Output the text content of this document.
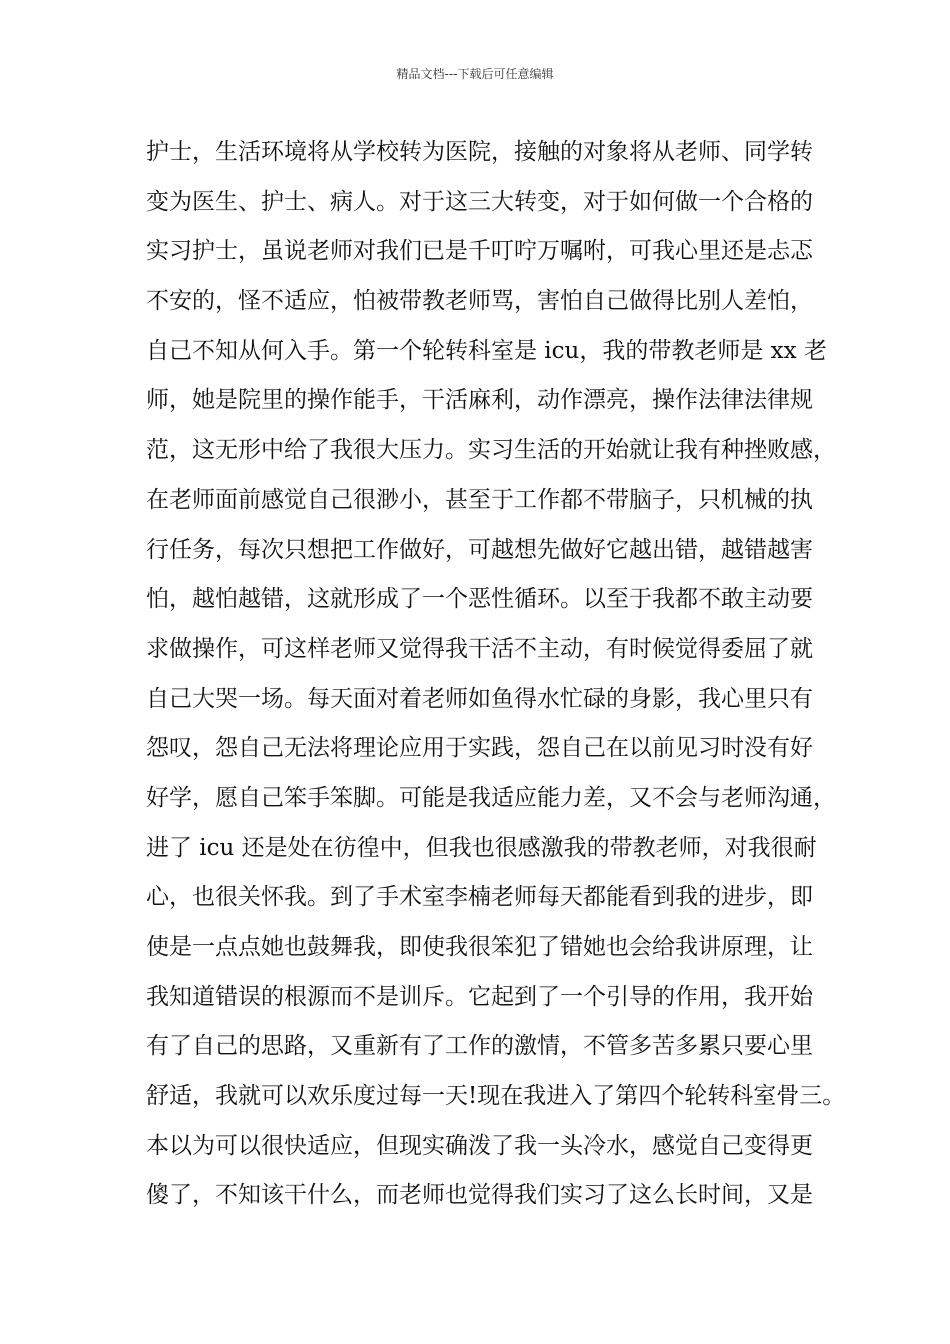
精品文档---下载后可任意编辑
护士，生活环境将从学校转为医院，接触的对象将从老师、同学转
变为医生、护士、病人。对于这三大转变，对于如何做一个合格的
实习护士，虽说老师对我们已是千叮咛万嘱咐，可我心里还是忐忑
不安的，怪不适应，怕被带教老师骂，害怕自己做得比别人差怕，
自己不知从何入手。第一个轮转科室是 icu，我的带教老师是 xx 老
师，她是院里的操作能手，干活麻利，动作漂亮，操作法律法律规
范，这无形中给了我很大压力。实习生活的开始就让我有种挫败感，
在老师面前感觉自己很渺小，甚至于工作都不带脑子，只机械的执
行任务，每次只想把工作做好，可越想先做好它越出错，越错越害
怕，越怕越错，这就形成了一个恶性循环。以至于我都不敢主动要
求做操作，可这样老师又觉得我干活不主动，有时候觉得委屈了就
自己大哭一场。每天面对着老师如鱼得水忙碌的身影，我心里只有
怨叹，怨自己无法将理论应用于实践，怨自己在以前见习时没有好
好学，愿自己笨手笨脚。可能是我适应能力差，又不会与老师沟通，
进了 icu 还是处在彷徨中，但我也很感激我的带教老师，对我很耐
心，也很关怀我。到了手术室李楠老师每天都能看到我的进步，即
使是一点点她也鼓舞我，即使我很笨犯了错她也会给我讲原理，让
我知道错误的根源而不是训斥。它起到了一个引导的作用，我开始
有了自己的思路，又重新有了工作的激情，不管多苦多累只要心里
舒适，我就可以欢乐度过每一天!现在我进入了第四个轮转科室骨三。
本以为可以很快适应，但现实确泼了我一头冷水，感觉自己变得更
傻了，不知该干什么，而老师也觉得我们实习了这么长时间，又是
